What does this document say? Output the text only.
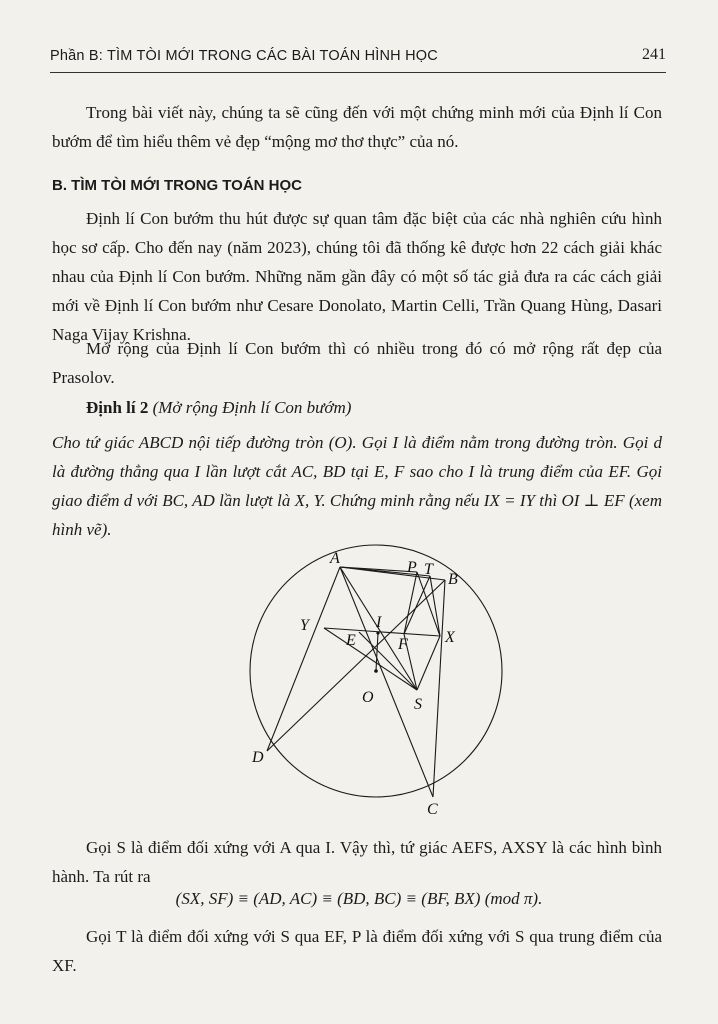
Phần B: TÌM TÒI MỚI TRONG CÁC BÀI TOÁN HÌNH HỌC	241
Trong bài viết này, chúng ta sẽ cũng đến với một chứng minh mới của Định lí Con bướm để tìm hiểu thêm vẻ đẹp “mộng mơ thơ thực” của nó.
B. TÌM TÒI MỚI TRONG TOÁN HỌC
Định lí Con bướm thu hút được sự quan tâm đặc biệt của các nhà nghiên cứu hình học sơ cấp. Cho đến nay (năm 2023), chúng tôi đã thống kê được hơn 22 cách giải khác nhau của Định lí Con bướm. Những năm gần đây có một số tác giả đưa ra các cách giải mới về Định lí Con bướm như Cesare Donolato, Martin Celli, Trần Quang Hùng, Dasari Naga Vijay Krishna.
Mở rộng của Định lí Con bướm thì có nhiều trong đó có mở rộng rất đẹp của Prasolov.
Định lí 2 (Mở rộng Định lí Con bướm)
Cho tứ giác ABCD nội tiếp đường tròn (O). Gọi I là điểm nằm trong đường tròn. Gọi d là đường thẳng qua I lần lượt cắt AC, BD tại E, F sao cho I là trung điểm của EF. Gọi giao điểm d với BC, AD lần lượt là X, Y. Chứng minh rằng nếu IX = IY thì OI ⊥ EF (xem hình vẽ).
A
B
C
D
P T
Y
E
I
F X
O	S
Gọi S là điểm đối xứng với A qua I. Vậy thì, tứ giác AEFS, AXSY là các hình bình hành. Ta rút ra
(SX, SF) ≡ (AD, AC) ≡ (BD, BC) ≡ (BF, BX) (mod π).
Gọi T là điểm đối xứng với S qua EF, P là điểm đối xứng với S qua trung điểm của XF.
